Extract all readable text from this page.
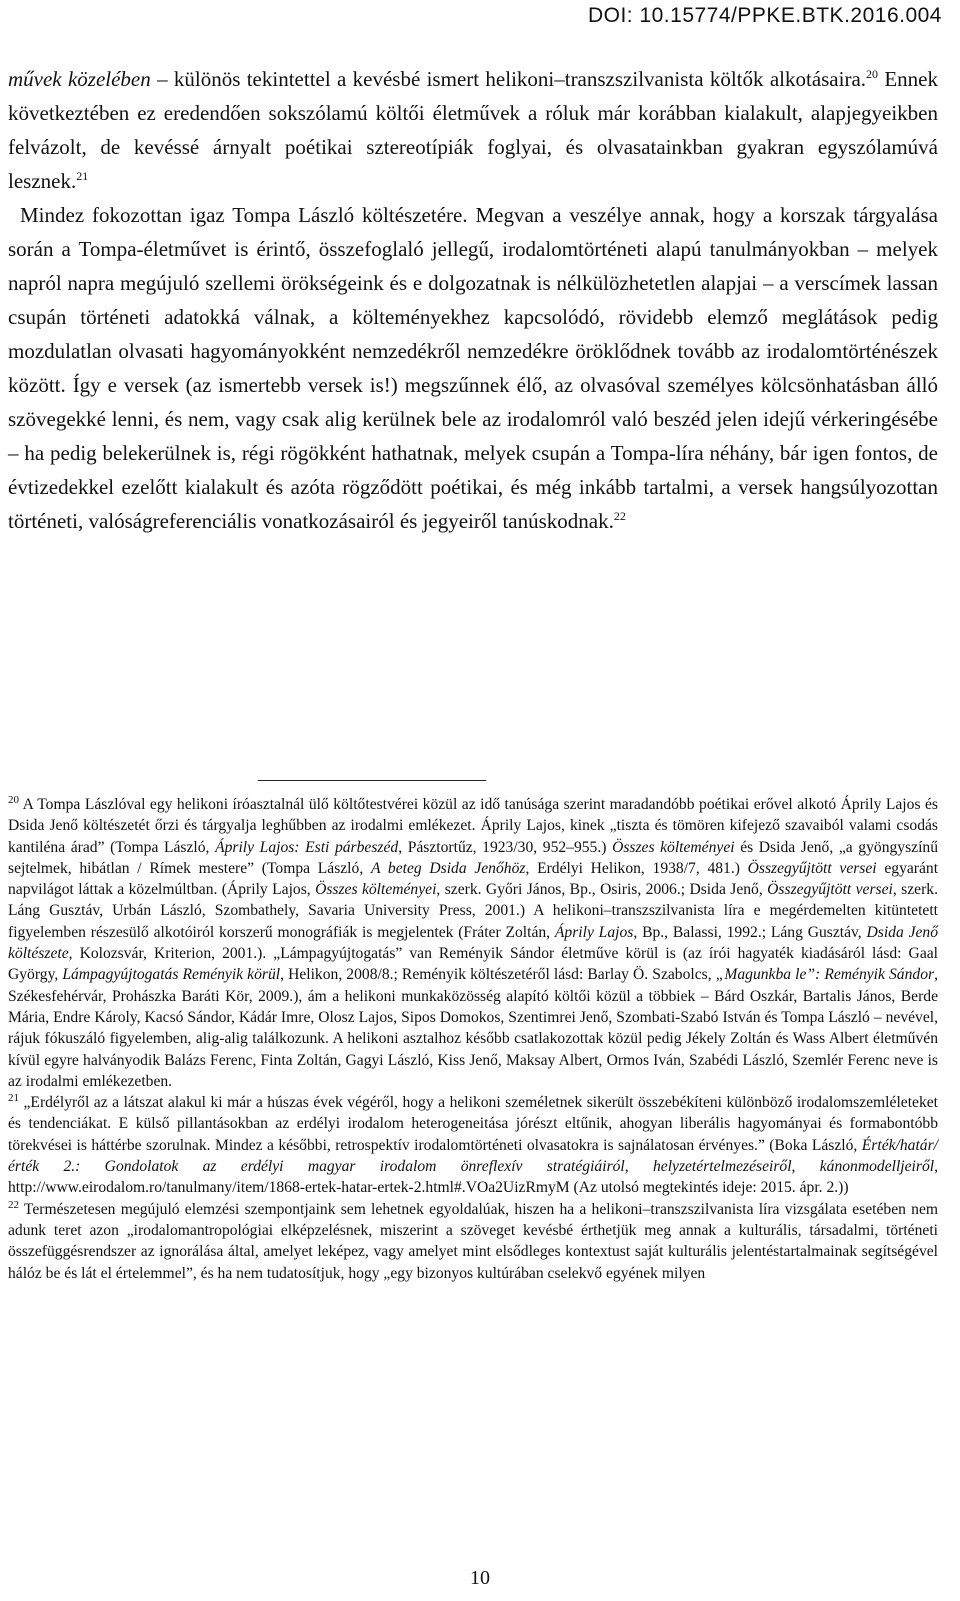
DOI: 10.15774/PPKE.BTK.2016.004

művek közelében – különös tekintettel a kevésbé ismert helikoni–transzszilvanista költők alkotásaira.$^{20}$ Ennek következtében ez eredendően sokszólamú költői életművek a róluk már korábban kialakult, alapjegyeikben felvázolt, de kevéssé árnyalt poétikai sztereotípiák foglyai, és olvasatainkban gyakran egyszólamúvá lesznek.$^{21}$

Mindez fokozottan igaz Tompa László költészetére. Megvan a veszélye annak, hogy a korszak tárgyalása során a Tompa-életművet is érintő, összefoglaló jellegű, irodalomtörténeti alapú tanulmányokban – melyek napról napra megújuló szellemi örökségeink és e dolgozatnak is nélkülözhetetlen alapjai – a verscímek lassan csupán történeti adatokká válnak, a költeményekhez kapcsolódó, rövidebb elemző meglátások pedig mozdulatlan olvasati hagyományokként nemzedékről nemzedékre öröklődnek tovább az irodalomtörténészek között. Így e versek (az ismertebb versek is!) megszűnnek élő, az olvasóval személyes kölcsönhatásban álló szövegekké lenni, és nem, vagy csak alig kerülnek bele az irodalomról való beszéd jelen idejű vérkeringésébe – ha pedig belekerülnek is, régi rögökként hathatnak, melyek csupán a Tompa-líra néhány, bár igen fontos, de évtizedekkel ezelőtt kialakult és azóta rögződött poétikai, és még inkább tartalmi, a versek hangsúlyozottan történeti, valóságreferenciális vonatkozásairól és jegyeiről tanúskodnak.$^{22}$

$^{20}$ A Tompa Lászlóval egy helikoni íróasztalnál ülő költőtestvérei közül az idő tanúsága szerint maradandóbb poétikai erővel alkotó Áprily Lajos és Dsida Jenő költészetét őrzi és tárgyalja leghűbben az irodalmi emlékezet. Áprily Lajos, kinek „tiszta és tömören kifejező szavaiból valami csodás kantiléna árad” (Tompa László, Áprily Lajos: Esti párbeszéd, Pásztortűz, 1923/30, 952–955.) Összes költeményei és Dsida Jenő, „a gyöngyszínű sejtelmek, hibátlan / Rímek mestere” (Tompa László, A beteg Dsida Jenőhöz, Erdélyi Helikon, 1938/7, 481.) Összegyűjtött versei egyaránt napvilágot láttak a közelmúltban. (Áprily Lajos, Összes költeményei, szerk. Győri János, Bp., Osiris, 2006.; Dsida Jenő, Összegyűjtött versei, szerk. Láng Gusztáv, Urbán László, Szombathely, Savaria University Press, 2001.) A helikoni–transzszilvanista líra e megérdemelten kitüntetett figyelemben részesülő alkotóiról korszerű monográfiák is megjelentek (Fráter Zoltán, Áprily Lajos, Bp., Balassi, 1992.; Láng Gusztáv, Dsida Jenő költészete, Kolozsvár, Kriterion, 2001.). „Lámpagyújtogatás” van Reményik Sándor életműve körül is (az írói hagyaték kiadásáról lásd: Gaal György, Lámpagyújtogatás Reményik körül, Helikon, 2008/8.; Reményik költészetéről lásd: Barlay Ö. Szabolcs, „Magunkba le”: Reményik Sándor, Székesfehérvár, Prohászka Baráti Kör, 2009.), ám a helikoni munkaközösség alapító költői közül a többiek – Bárd Oszkár, Bartalis János, Berde Mária, Endre Károly, Kacsó Sándor, Kádár Imre, Olosz Lajos, Sipos Domokos, Szentimrei Jenő, Szombati-Szabó István és Tompa László – nevével, rájuk fókuszáló figyelemben, alig-alig találkozunk. A helikoni asztalhoz később csatlakozottak közül pedig Jékely Zoltán és Wass Albert életművén kívül egyre halványodik Balázs Ferenc, Finta Zoltán, Gagyi László, Kiss Jenő, Maksay Albert, Ormos Iván, Szabédi László, Szemlér Ferenc neve is az irodalmi emlékezetben.

$^{21}$ „Erdélyről az a látszat alakul ki már a húszas évek végéről, hogy a helikoni személetnek sikerült összebékíteni különböző irodalomszemléleteket és tendenciákat. E külső pillantásokban az erdélyi irodalom heterogeneitása jórészt eltűnik, ahogyan liberális hagyományai és formabontóbb törekvései is háttérbe szorulnak. Mindez a későbbi, retrospektív irodalomtörténeti olvasatokra is sajnálatosan érvényes.” (Boka László, Érték/határ/érték 2.: Gondolatok az erdélyi magyar irodalom önreflexív stratégiáiról, helyzetértelmezéseiről, kánonmodelljeiről, http://www.eirodalom.ro/tanulmany/item/1868-ertek-hatar-ertek-2.html#.VOa2UizRmyM (Az utolsó megtekintés ideje: 2015. ápr. 2.))

$^{22}$ Természetesen megújuló elemzési szempontjaink sem lehetnek egyoldalúak, hiszen ha a helikoni–transzszilvanista líra vizsgálata esetében nem adunk teret azon „irodalomantropológiai elképzelésnek, miszerint a szöveget kevésbé érthetjük meg annak a kulturális, társadalmi, történeti összefüggésrendszer az ignorálása által, amelyet leképez, vagy amelyet mint elsődleges kontextust saját kulturális jelentéstartalmainak segítségével hálóz be és lát el értelemmel”, és ha nem tudatosítjuk, hogy „egy bizonyos kultúrában cselekvő egyének milyen

10
